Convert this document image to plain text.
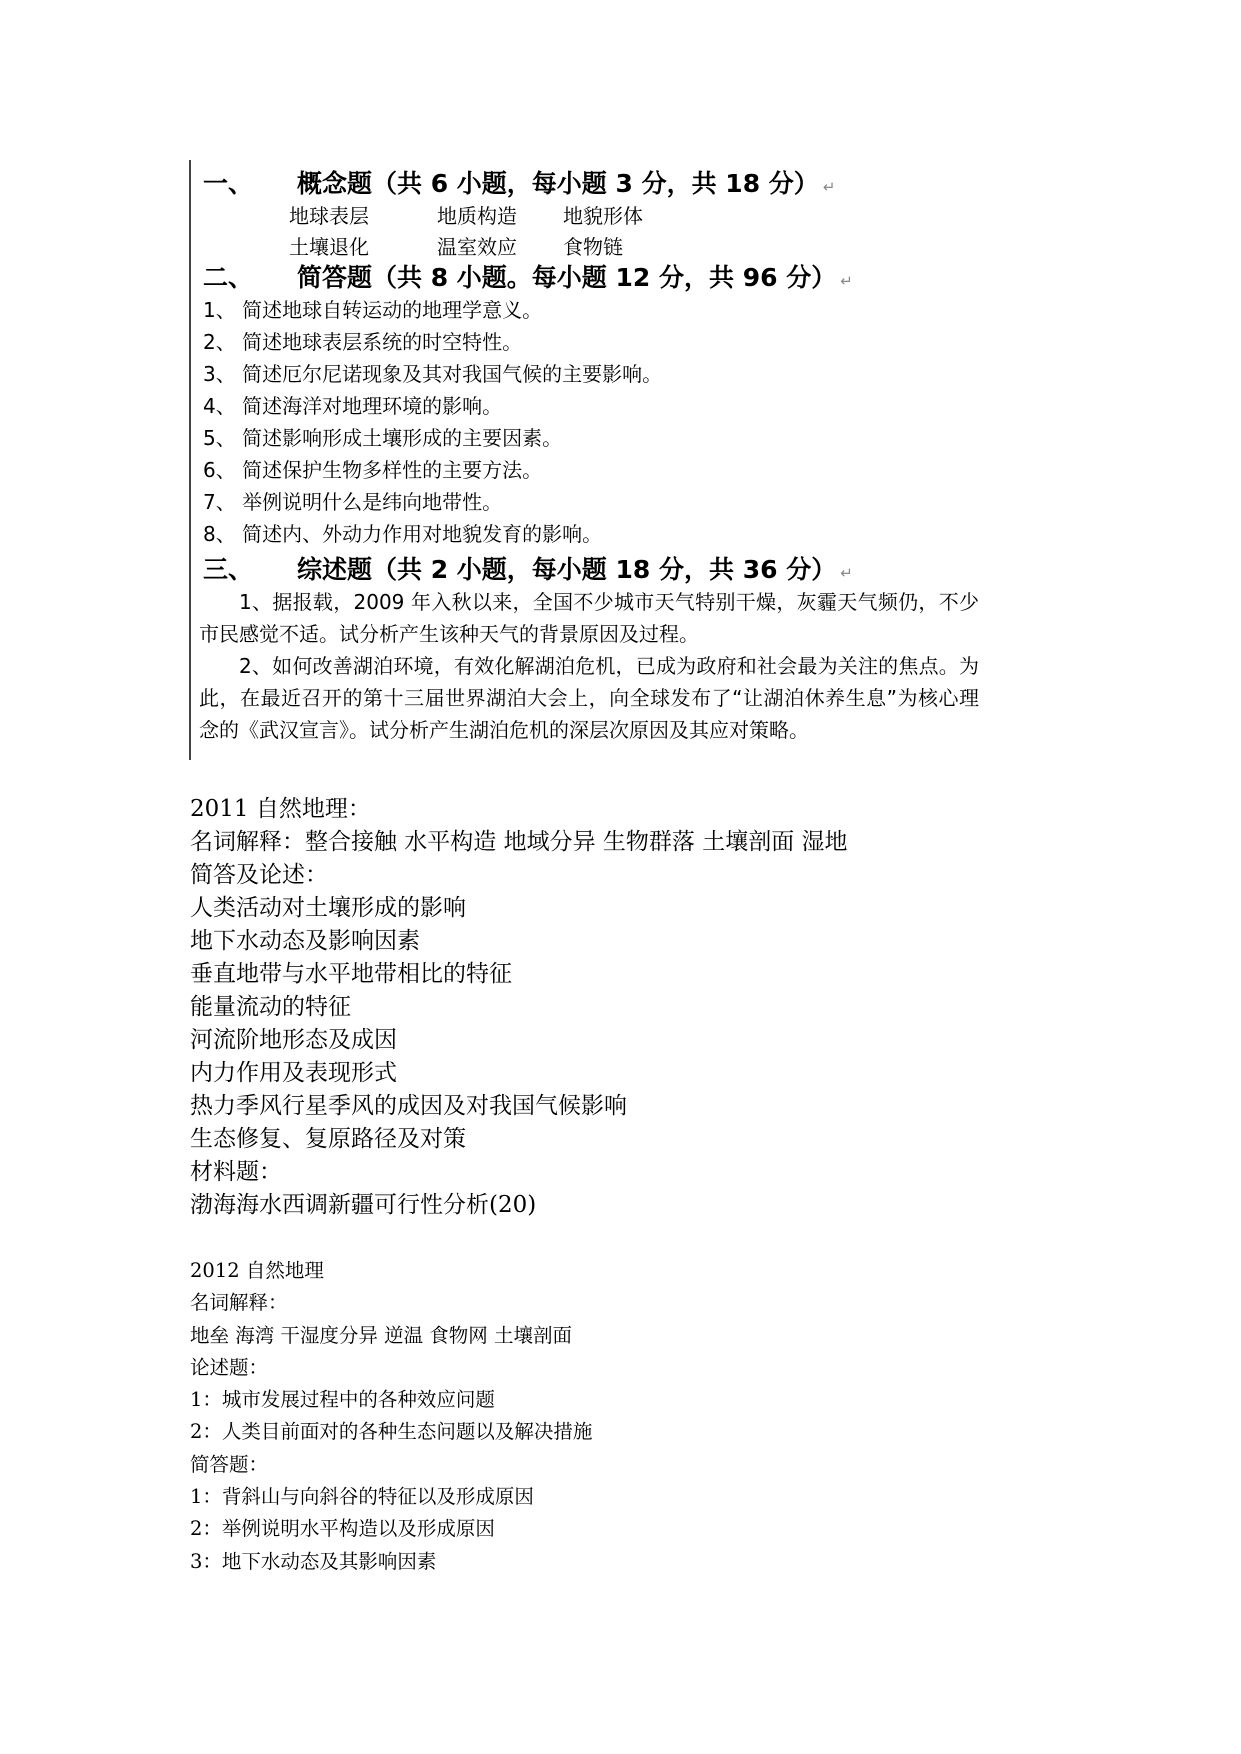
一、 概念题（共 6 小题，每小题 3 分，共 18 分） ↵
地球表层	地质构造 地貌形体
土壤退化	温室效应 食物链
二、 简答题（共 8 小题。每小题 12 分，共 96 分） ↵
1、 简述地球自转运动的地理学意义。
2、 简述地球表层系统的时空特性。
3、 简述厄尔尼诺现象及其对我国气候的主要影响。
4、 简述海洋对地理环境的影响。
5、 简述影响形成土壤形成的主要因素。
6、 简述保护生物多样性的主要方法。
7、 举例说明什么是纬向地带性。
8、 简述内、外动力作用对地貌发育的影响。
三、 综述题（共 2 小题，每小题 18 分，共 36 分） ↵

1、据报载，2009 年入秋以来，全国不少城市天气特别干燥，灰霾天气频仍，不少市民感觉不适。试分析产生该种天气的背景原因及过程。

2、如何改善湖泊环境，有效化解湖泊危机，已成为政府和社会最为关注的焦点。为此，在最近召开的第十三届世界湖泊大会上，向全球发布了“让湖泊休养生息”为核心理念的《武汉宣言》。试分析产生湖泊危机的深层次原因及其应对策略。

2011 自然地理：
名词解释：整合接触 水平构造 地域分异 生物群落 土壤剖面 湿地
简答及论述：
人类活动对土壤形成的影响
地下水动态及影响因素
垂直地带与水平地带相比的特征
能量流动的特征
河流阶地形态及成因
内力作用及表现形式
热力季风行星季风的成因及对我国气候影响
生态修复、复原路径及对策
材料题：
渤海海水西调新疆可行性分析(20)
2012 自然地理
名词解释：
地垒 海湾 干湿度分异 逆温 食物网 土壤剖面
论述题：
1：城市发展过程中的各种效应问题
2：人类目前面对的各种生态问题以及解决措施
简答题：
1：背斜山与向斜谷的特征以及形成原因
2：举例说明水平构造以及形成原因
3：地下水动态及其影响因素
